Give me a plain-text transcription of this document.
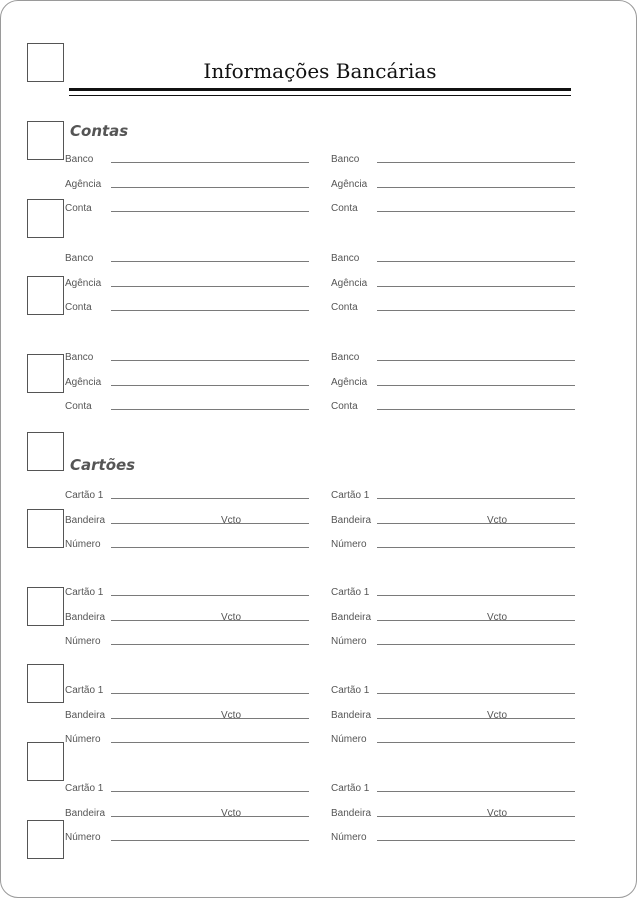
Informações Bancárias
Contas
Cartões
Banco	Banco
Agência	Agência
Conta	Conta
Banco	Banco
Agência	Agência
Conta	Conta
Banco	Banco
Agência	Agência
Conta	Conta
Cartão 1	Cartão 1
Bandeira	Vcto	Bandeira	Vcto
Número	Número
Cartão 1	Cartão 1
Bandeira	Vcto	Bandeira	Vcto
Número	Número
Cartão 1	Cartão 1
Bandeira	Vcto	Bandeira	Vcto
Número	Número
Cartão 1	Cartão 1
Bandeira	Vcto	Bandeira	Vcto
Número	Número
